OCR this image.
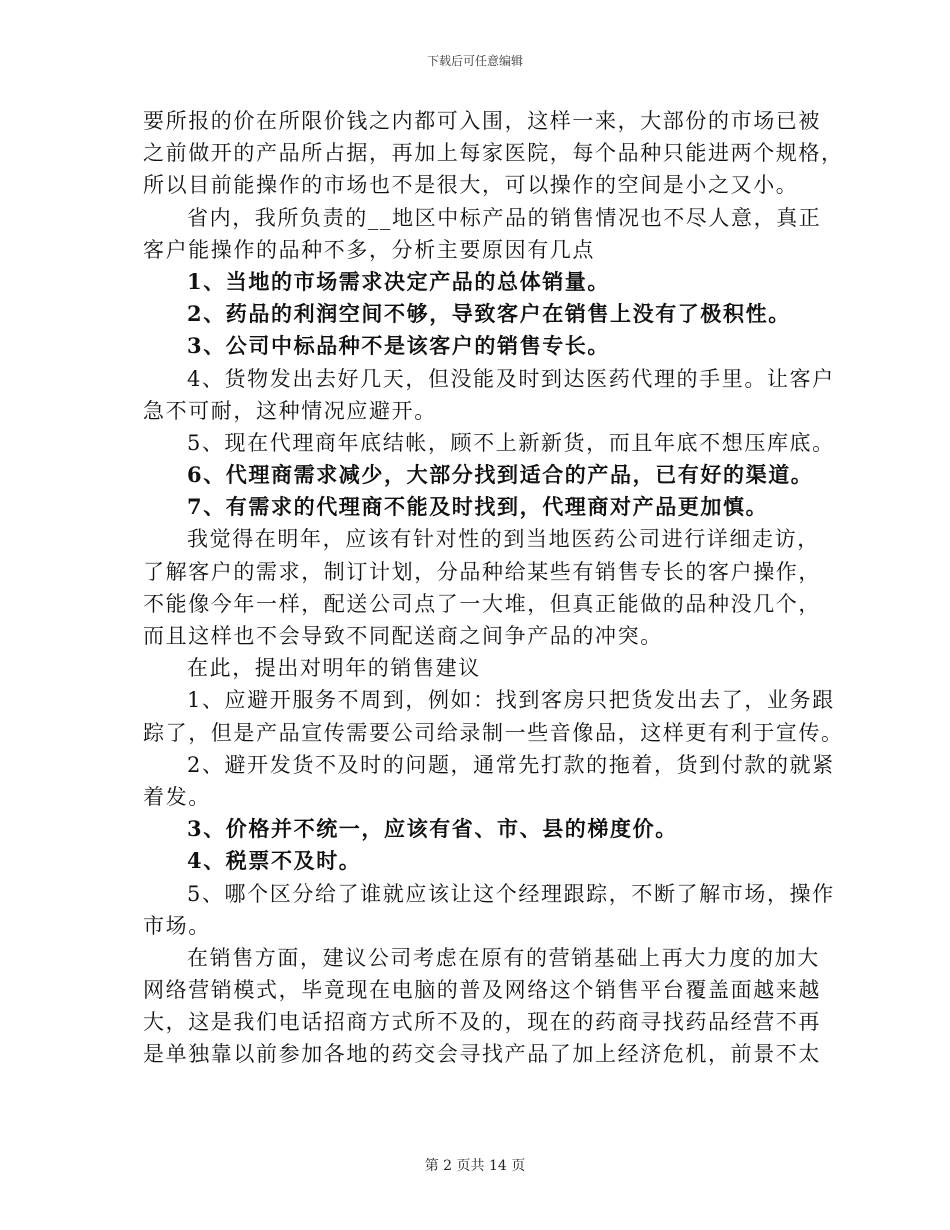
下载后可任意编辑
要所报的价在所限价钱之内都可入围，这样一来，大部份的市场已被
之前做开的产品所占据，再加上每家医院，每个品种只能进两个规格，
所以目前能操作的市场也不是很大，可以操作的空间是小之又小。
省内，我所负责的__地区中标产品的销售情况也不尽人意，真正
客户能操作的品种不多，分析主要原因有几点
1、当地的市场需求决定产品的总体销量。
2、药品的利润空间不够，导致客户在销售上没有了极积性。
3、公司中标品种不是该客户的销售专长。
4、货物发出去好几天，但没能及时到达医药代理的手里。让客户
急不可耐，这种情况应避开。
5、现在代理商年底结帐，顾不上新新货，而且年底不想压库底。
6、代理商需求减少，大部分找到适合的产品，已有好的渠道。
7、有需求的代理商不能及时找到，代理商对产品更加慎。
我觉得在明年，应该有针对性的到当地医药公司进行详细走访，
了解客户的需求，制订计划，分品种给某些有销售专长的客户操作，
不能像今年一样，配送公司点了一大堆，但真正能做的品种没几个，
而且这样也不会导致不同配送商之间争产品的冲突。
在此，提出对明年的销售建议
1、应避开服务不周到，例如：找到客房只把货发出去了，业务跟
踪了，但是产品宣传需要公司给录制一些音像品，这样更有利于宣传。
2、避开发货不及时的问题，通常先打款的拖着，货到付款的就紧
着发。
3、价格并不统一，应该有省、市、县的梯度价。
4、税票不及时。
5、哪个区分给了谁就应该让这个经理跟踪，不断了解市场，操作
市场。
在销售方面，建议公司考虑在原有的营销基础上再大力度的加大
网络营销模式，毕竟现在电脑的普及网络这个销售平台覆盖面越来越
大，这是我们电话招商方式所不及的，现在的药商寻找药品经营不再
是单独靠以前参加各地的药交会寻找产品了加上经济危机，前景不太
第 2 页共 14 页
